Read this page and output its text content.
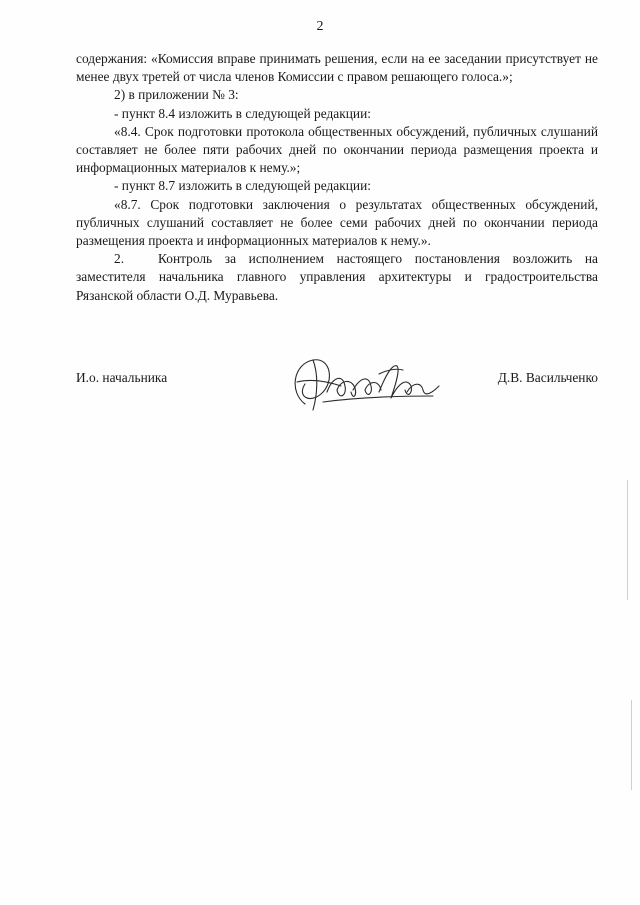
2

содержания: «Комиссия вправе принимать решения, если на ее заседании присутствует не менее двух третей от числа членов Комиссии с правом решающего голоса.»;

2) в приложении № 3:

- пункт 8.4 изложить в следующей редакции:

«8.4. Срок подготовки протокола общественных обсуждений, публичных слушаний составляет не более пяти рабочих дней по окончании периода размещения проекта и информационных материалов к нему.»;

- пункт 8.7 изложить в следующей редакции:

«8.7. Срок подготовки заключения о результатах общественных обсуждений, публичных слушаний составляет не более семи рабочих дней по окончании периода размещения проекта и информационных материалов к нему.».

2.	Контроль за исполнением настоящего постановления возложить на заместителя начальника главного управления архитектуры и градостроительства Рязанской области О.Д. Муравьева.

И.о. начальника	Д.В. Васильченко
